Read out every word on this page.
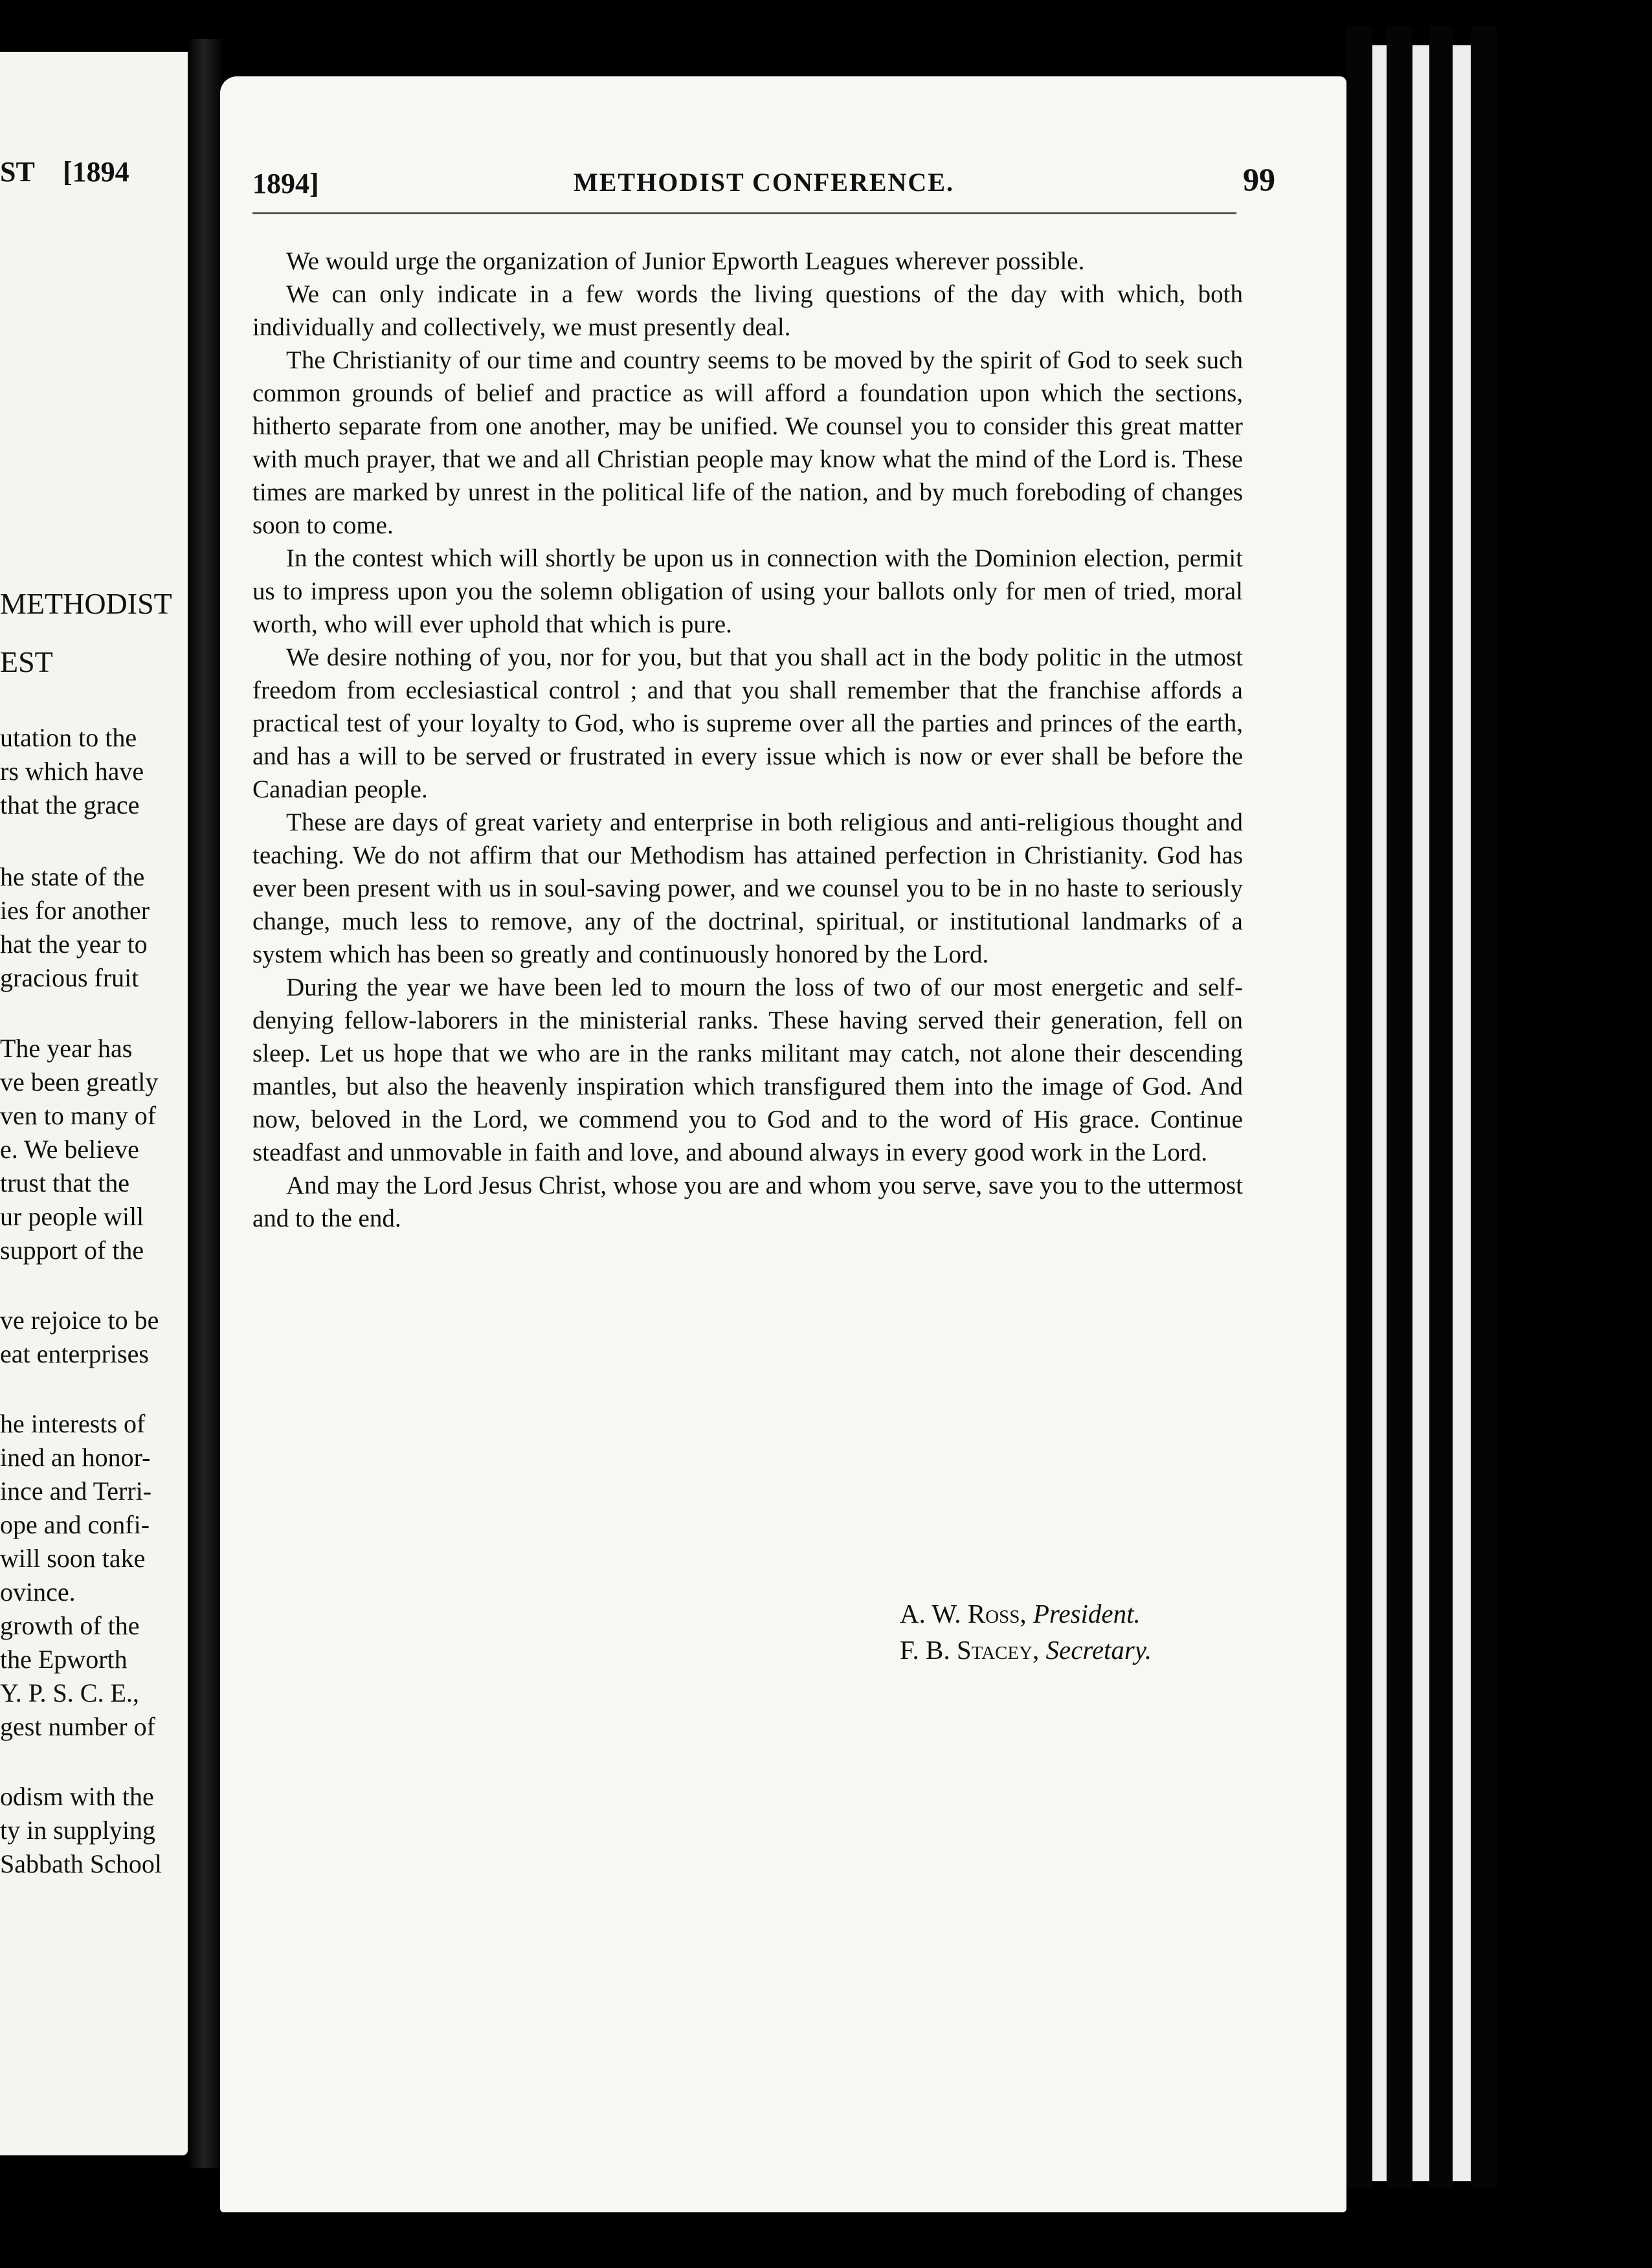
ST    [1894
METHODIST
EST
utation to the
rs which have
that the grace
he state of the
ies for another
hat the year to
gracious fruit
The year has
ve been greatly
ven to many of
e. We believe
trust that the
ur people will
support of the
ve rejoice to be
eat enterprises
he interests of
ined an honor-
ince and Terri-
ope and confi-
will soon take
ovince.
growth of the
the Epworth
Y. P. S. C. E.,
gest number of
odism with the
ty in supplying
Sabbath School
1894]	METHODIST CONFERENCE.	99

We would urge the organization of Junior Epworth Leagues wherever possible.

We can only indicate in a few words the living questions of the day with which, both individually and collectively, we must presently deal.

The Christianity of our time and country seems to be moved by the spirit of God to seek such common grounds of belief and practice as will afford a foundation upon which the sections, hitherto separate from one another, may be unified. We counsel you to consider this great matter with much prayer, that we and all Christian people may know what the mind of the Lord is. These times are marked by unrest in the political life of the nation, and by much foreboding of changes soon to come.

In the contest which will shortly be upon us in connection with the Dominion election, permit us to impress upon you the solemn obligation of using your ballots only for men of tried, moral worth, who will ever uphold that which is pure.

We desire nothing of you, nor for you, but that you shall act in the body politic in the utmost freedom from ecclesiastical control ; and that you shall remember that the franchise affords a practical test of your loyalty to God, who is supreme over all the parties and princes of the earth, and has a will to be served or frustrated in every issue which is now or ever shall be before the Canadian people.

These are days of great variety and enterprise in both religious and anti-religious thought and teaching. We do not affirm that our Methodism has attained perfection in Christianity. God has ever been present with us in soul-saving power, and we counsel you to be in no haste to seriously change, much less to remove, any of the doctrinal, spiritual, or institutional landmarks of a system which has been so greatly and continuously honored by the Lord.

During the year we have been led to mourn the loss of two of our most energetic and self-denying fellow-laborers in the ministerial ranks. These having served their generation, fell on sleep. Let us hope that we who are in the ranks militant may catch, not alone their descending mantles, but also the heavenly inspiration which transfigured them into the image of God. And now, beloved in the Lord, we commend you to God and to the word of His grace. Continue steadfast and unmovable in faith and love, and abound always in every good work in the Lord.

And may the Lord Jesus Christ, whose you are and whom you serve, save you to the uttermost and to the end.

A. W. Ross, President.
F. B. Stacey, Secretary.
